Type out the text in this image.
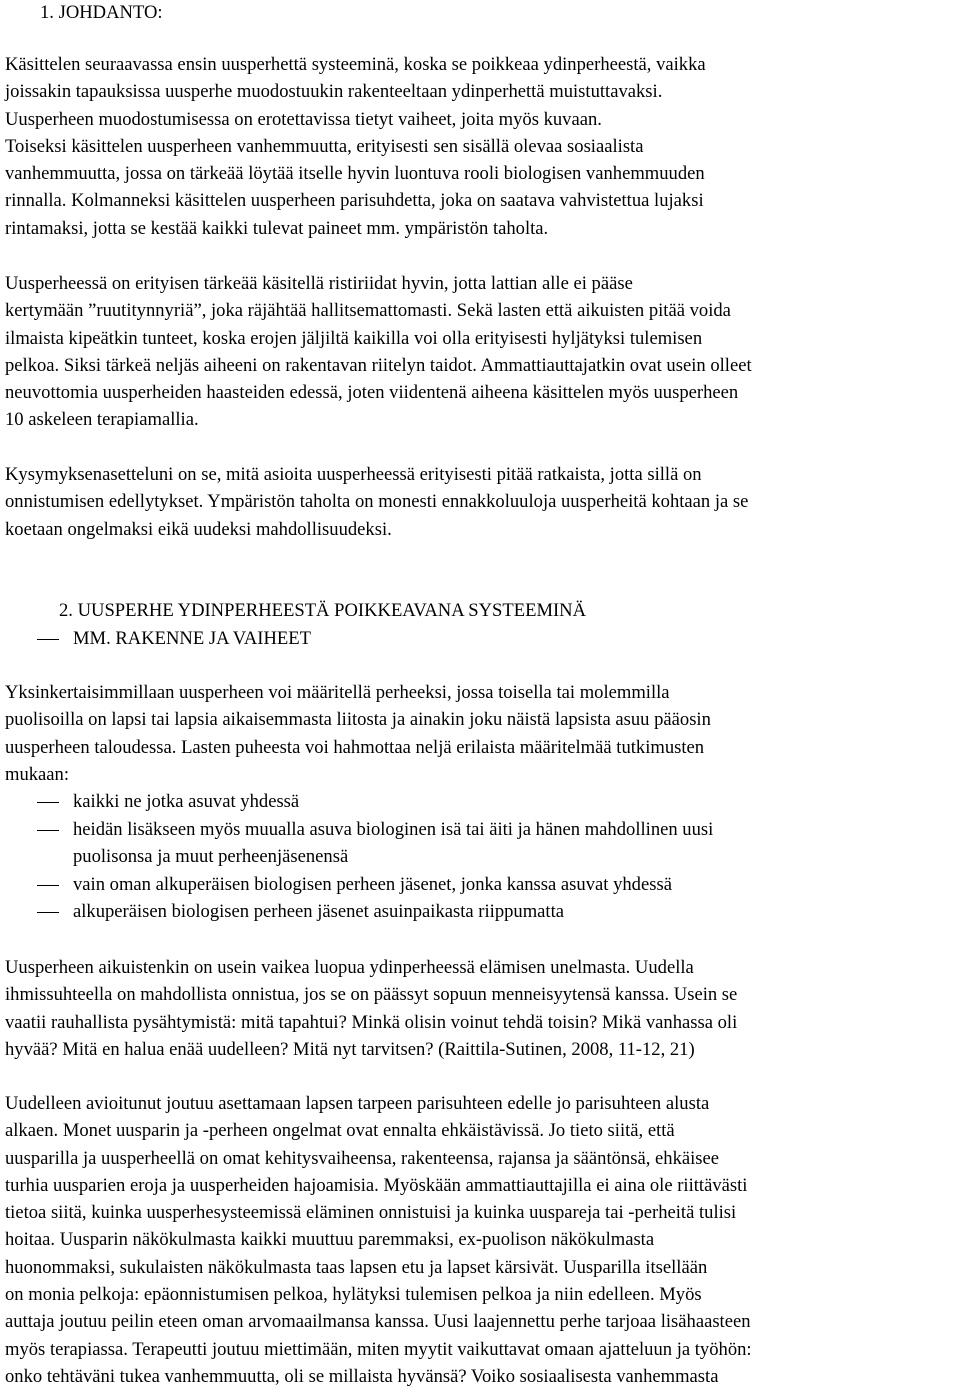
1. JOHDANTO:

Käsittelen seuraavassa ensin uusperhettä systeeminä, koska se poikkeaa ydinperheestä, vaikka
joissakin tapauksissa uusperhe muodostuukin rakenteeltaan ydinperhettä muistuttavaksi.
Uusperheen muodostumisessa on erotettavissa tietyt vaiheet, joita myös kuvaan.
Toiseksi käsittelen uusperheen vanhemmuutta, erityisesti sen sisällä olevaa sosiaalista
vanhemmuutta, jossa on tärkeää löytää itselle hyvin luontuva rooli biologisen vanhemmuuden
rinnalla. Kolmanneksi käsittelen uusperheen parisuhdetta, joka on saatava vahvistettua lujaksi
rintamaksi, jotta se kestää kaikki tulevat paineet mm. ympäristön taholta.

Uusperheessä on erityisen tärkeää käsitellä ristiriidat hyvin, jotta lattian alle ei pääse
kertymään ”ruutitynnyriä”, joka räjähtää hallitsemattomasti. Sekä lasten että aikuisten pitää voida
ilmaista kipeätkin tunteet, koska erojen jäljiltä kaikilla voi olla erityisesti hyljätyksi tulemisen
pelkoa. Siksi tärkeä neljäs aiheeni on rakentavan riitelyn taidot. Ammattiauttajatkin ovat usein olleet
neuvottomia uusperheiden haasteiden edessä, joten viidentenä aiheena käsittelen myös uusperheen
10 askeleen terapiamallia.

Kysymyksenasetteluni on se, mitä asioita uusperheessä erityisesti pitää ratkaista, jotta sillä on
onnistumisen edellytykset. Ympäristön taholta on monesti ennakkoluuloja uusperheitä kohtaan ja se
koetaan ongelmaksi eikä uudeksi mahdollisuudeksi.

2. UUSPERHE YDINPERHEESTÄ POIKKEAVANA SYSTEEMINÄ
MM. RAKENNE JA VAIHEET

Yksinkertaisimmillaan uusperheen voi määritellä perheeksi, jossa toisella tai molemmilla
puolisoilla on lapsi tai lapsia aikaisemmasta liitosta ja ainakin joku näistä lapsista asuu pääosin
uusperheen taloudessa. Lasten puheesta voi hahmottaa neljä erilaista määritelmää tutkimusten
mukaan:

kaikki ne jotka asuvat yhdessä
heidän lisäkseen myös muualla asuva biologinen isä tai äiti ja hänen mahdollinen uusi
puolisonsa ja muut perheenjäsenensä
vain oman alkuperäisen biologisen perheen jäsenet, jonka kanssa asuvat yhdessä
alkuperäisen biologisen perheen jäsenet asuinpaikasta riippumatta

Uusperheen aikuistenkin on usein vaikea luopua ydinperheessä elämisen unelmasta. Uudella
ihmissuhteella on mahdollista onnistua, jos se on päässyt sopuun menneisyytensä kanssa. Usein se
vaatii rauhallista pysähtymistä: mitä tapahtui? Minkä olisin voinut tehdä toisin? Mikä vanhassa oli
hyvää? Mitä en halua enää uudelleen? Mitä nyt tarvitsen? (Raittila-Sutinen, 2008, 11-12, 21)

Uudelleen avioitunut joutuu asettamaan lapsen tarpeen parisuhteen edelle jo parisuhteen alusta
alkaen. Monet uusparin ja -perheen ongelmat ovat ennalta ehkäistävissä. Jo tieto siitä, että
uusparilla ja uusperheellä on omat kehitysvaiheensa, rakenteensa, rajansa ja sääntönsä, ehkäisee
turhia uusparien eroja ja uusperheiden hajoamisia. Myöskään ammattiauttajilla ei aina ole riittävästi
tietoa siitä, kuinka uusperhesysteemissä eläminen onnistuisi ja kuinka uuspareja tai -perheitä tulisi
hoitaa. Uusparin näkökulmasta kaikki muuttuu paremmaksi, ex-puolison näkökulmasta
huonommaksi, sukulaisten näkökulmasta taas lapsen etu ja lapset kärsivät. Uusparilla itsellään
on monia pelkoja: epäonnistumisen pelkoa, hylätyksi tulemisen pelkoa ja niin edelleen. Myös
auttaja joutuu peilin eteen oman arvomaailmansa kanssa. Uusi laajennettu perhe tarjoaa lisähaasteen
myös terapiassa. Terapeutti joutuu miettimään, miten myytit vaikuttavat omaan ajatteluun ja työhön:
onko tehtäväni tukea vanhemmuutta, oli se millaista hyvänsä? Voiko sosiaalisesta vanhemmasta
